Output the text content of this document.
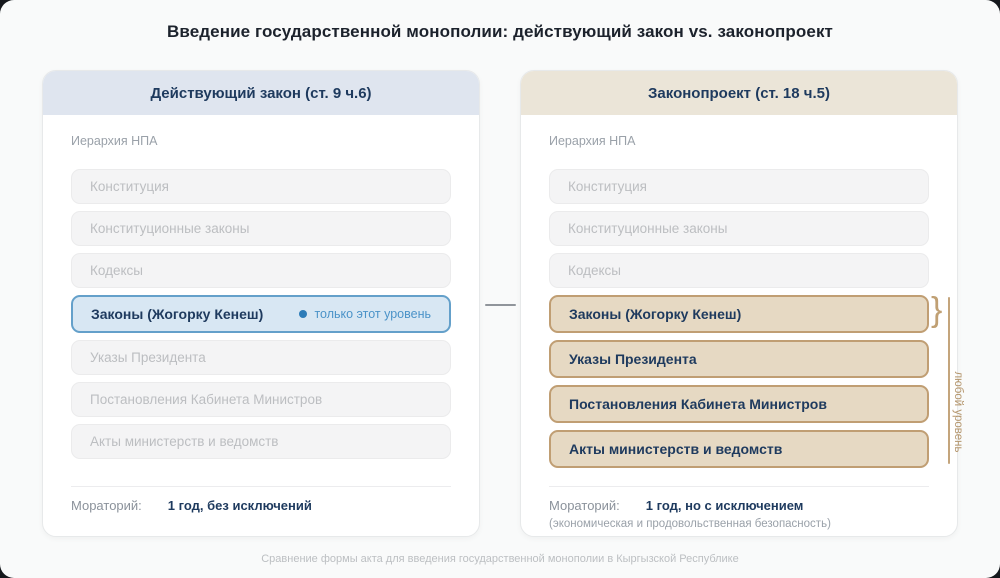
Введение государственной монополии: действующий закон vs. законопроект
Действующий закон (ст. 9 ч.6)
Иерархия НПА
Конституция
Конституционные законы
Кодексы
Законы (Жогорку Кенеш)	только этот уровень
Указы Президента
Постановления Кабинета Министров
Акты министерств и ведомств
Мораторий: 1 год, без исключений
Законопроект (ст. 18 ч.5)
Иерархия НПА
Конституция
Конституционные законы
Кодексы
Законы (Жогорку Кенеш)
Указы Президента
Постановления Кабинета Министров
Акты министерств и ведомств
Мораторий: 1 год, но с исключением
(экономическая и продовольственная безопасность)
}
любой уровень
Сравнение формы акта для введения государственной монополии в Кыргызской Республике
